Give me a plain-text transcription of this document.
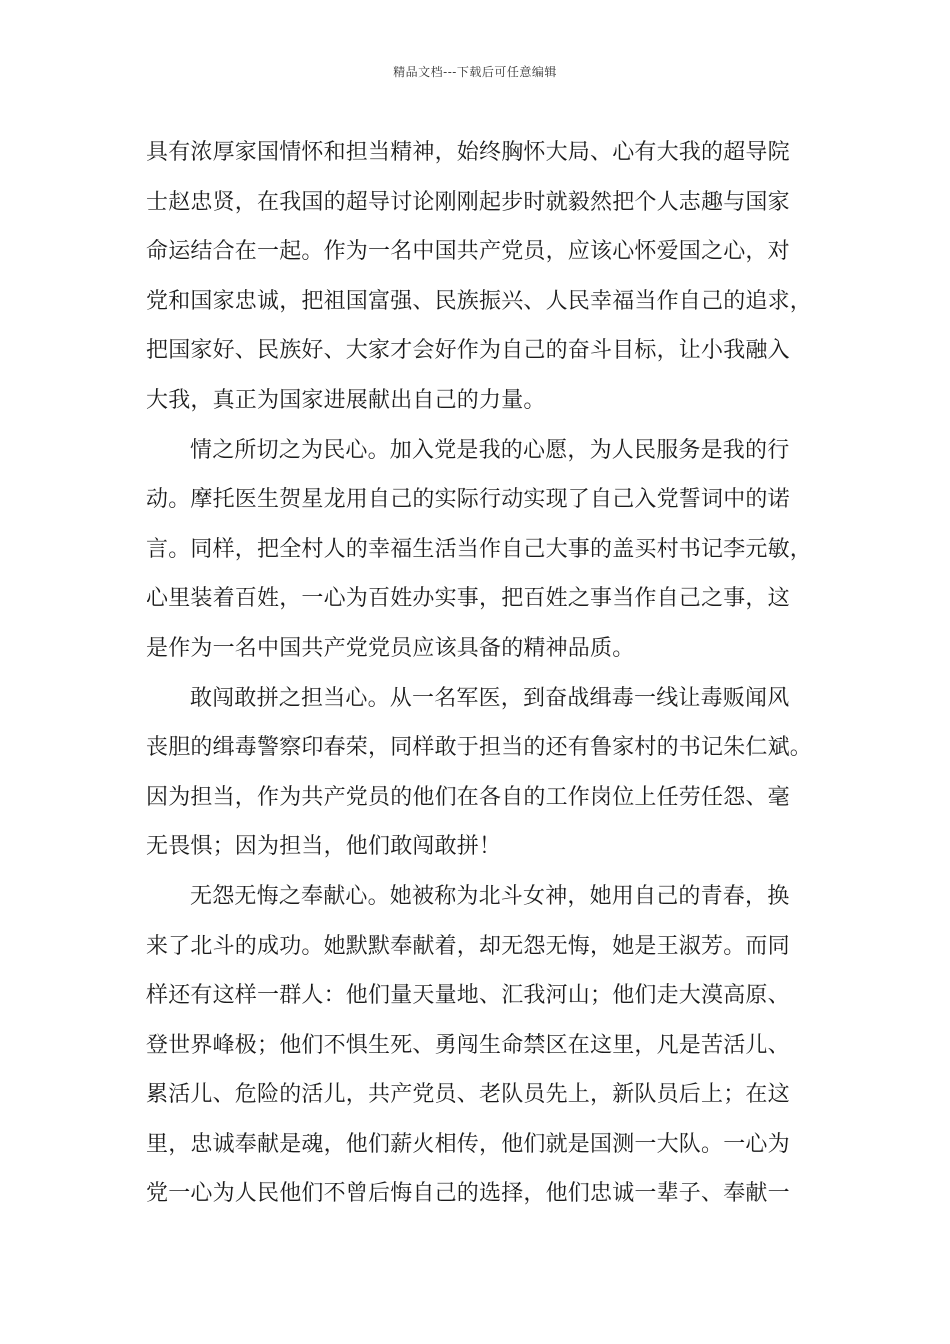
精品文档---下载后可任意编辑
具有浓厚家国情怀和担当精神，始终胸怀大局、心有大我的超导院
士赵忠贤，在我国的超导讨论刚刚起步时就毅然把个人志趣与国家
命运结合在一起。作为一名中国共产党员，应该心怀爱国之心，对
党和国家忠诚，把祖国富强、民族振兴、人民幸福当作自己的追求，
把国家好、民族好、大家才会好作为自己的奋斗目标，让小我融入
大我，真正为国家进展献出自己的力量。
情之所切之为民心。加入党是我的心愿，为人民服务是我的行
动。摩托医生贺星龙用自己的实际行动实现了自己入党誓词中的诺
言。同样，把全村人的幸福生活当作自己大事的盖买村书记李元敏，
心里装着百姓，一心为百姓办实事，把百姓之事当作自己之事，这
是作为一名中国共产党党员应该具备的精神品质。
敢闯敢拼之担当心。从一名军医，到奋战缉毒一线让毒贩闻风
丧胆的缉毒警察印春荣，同样敢于担当的还有鲁家村的书记朱仁斌。
因为担当，作为共产党员的他们在各自的工作岗位上任劳任怨、毫
无畏惧；因为担当，他们敢闯敢拼！
无怨无悔之奉献心。她被称为北斗女神，她用自己的青春，换
来了北斗的成功。她默默奉献着，却无怨无悔，她是王淑芳。而同
样还有这样一群人：他们量天量地、汇我河山；他们走大漠高原、
登世界峰极；他们不惧生死、勇闯生命禁区在这里，凡是苦活儿、
累活儿、危险的活儿，共产党员、老队员先上，新队员后上；在这
里，忠诚奉献是魂，他们薪火相传，他们就是国测一大队。一心为
党一心为人民他们不曾后悔自己的选择，他们忠诚一辈子、奉献一
